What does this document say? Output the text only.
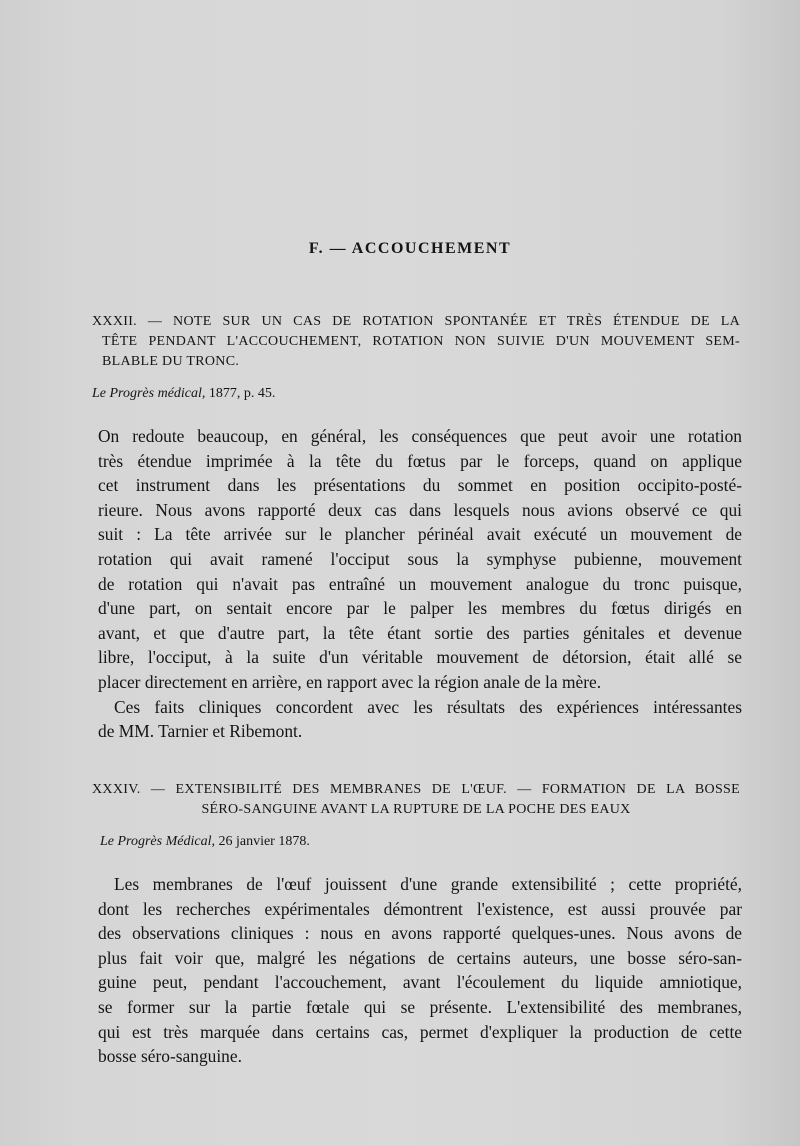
F. — ACCOUCHEMENT
XXXII. — NOTE SUR UN CAS DE ROTATION SPONTANÉE ET TRÈS ÉTENDUE DE LA
TÊTE PENDANT L'ACCOUCHEMENT, ROTATION NON SUIVIE D'UN MOUVEMENT SEM-
BLABLE DU TRONC.
Le Progrès médical, 1877, p. 45.

On redoute beaucoup, en général, les conséquences que peut avoir une rotation
très étendue imprimée à la tête du fœtus par le forceps, quand on applique
cet instrument dans les présentations du sommet en position occipito-posté-
rieure. Nous avons rapporté deux cas dans lesquels nous avions observé ce qui
suit : La tête arrivée sur le plancher périnéal avait exécuté un mouvement de
rotation qui avait ramené l'occiput sous la symphyse pubienne, mouvement
de rotation qui n'avait pas entraîné un mouvement analogue du tronc puisque,
d'une part, on sentait encore par le palper les membres du fœtus dirigés en
avant, et que d'autre part, la tête étant sortie des parties génitales et devenue
libre, l'occiput, à la suite d'un véritable mouvement de détorsion, était allé se
placer directement en arrière, en rapport avec la région anale de la mère.

Ces faits cliniques concordent avec les résultats des expériences intéressantes
de MM. Tarnier et Ribemont.

XXXIV. — EXTENSIBILITÉ DES MEMBRANES DE L'ŒUF. — FORMATION DE LA BOSSE
SÉRO-SANGUINE AVANT LA RUPTURE DE LA POCHE DES EAUX
Le Progrès Médical, 26 janvier 1878.

Les membranes de l'œuf jouissent d'une grande extensibilité ; cette propriété,
dont les recherches expérimentales démontrent l'existence, est aussi prouvée par
des observations cliniques : nous en avons rapporté quelques-unes. Nous avons de
plus fait voir que, malgré les négations de certains auteurs, une bosse séro-san-
guine peut, pendant l'accouchement, avant l'écoulement du liquide amniotique,
se former sur la partie fœtale qui se présente. L'extensibilité des membranes,
qui est très marquée dans certains cas, permet d'expliquer la production de cette
bosse séro-sanguine.
